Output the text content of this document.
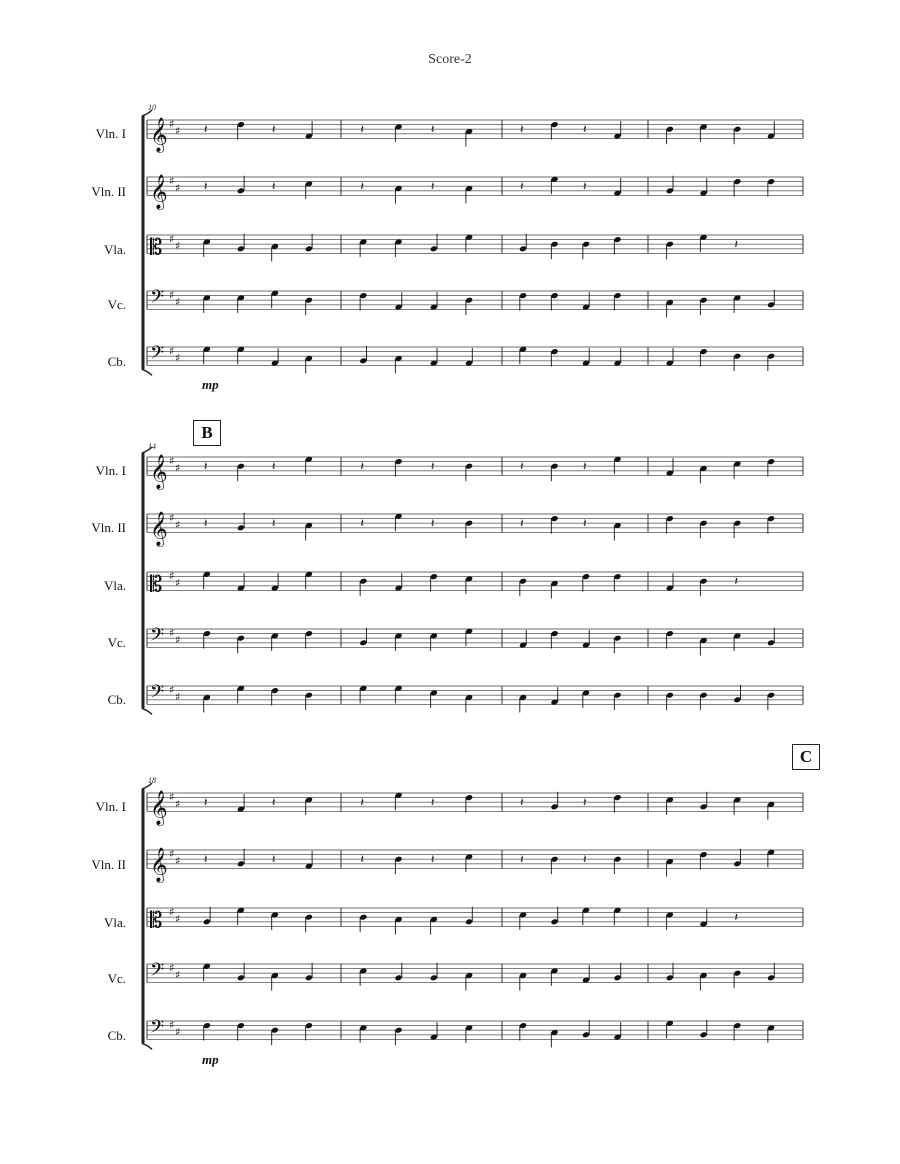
Score-2
𝄞 ♯
♯ 𝄽	𝄽	𝄽	𝄽	𝄽	𝄽
𝄞 ♯
♯ 𝄽	𝄽	𝄽	𝄽	𝄽	𝄽
𝄡 ♯
♯	𝄽
𝄢 ♯
♯
𝄢 ♯
♯
10
Vln. I
Vln. II
Vla.
Vc.
Cb.
mp
B
𝄞 ♯
♯ 𝄽	𝄽	𝄽	𝄽	𝄽	𝄽
𝄞 ♯
♯ 𝄽	𝄽	𝄽	𝄽	𝄽	𝄽
𝄡 ♯
♯	𝄽
𝄢 ♯
♯
𝄢 ♯
♯
14
Vln. I
Vln. II
Vla.
Vc.
Cb.
C
𝄞 ♯
♯ 𝄽	𝄽	𝄽	𝄽	𝄽	𝄽
𝄞 ♯
♯ 𝄽	𝄽	𝄽	𝄽	𝄽	𝄽
𝄡 ♯
♯	𝄽
𝄢 ♯
♯
𝄢 ♯
♯
18
Vln. I
Vln. II
Vla.
Vc.
Cb.
mp
